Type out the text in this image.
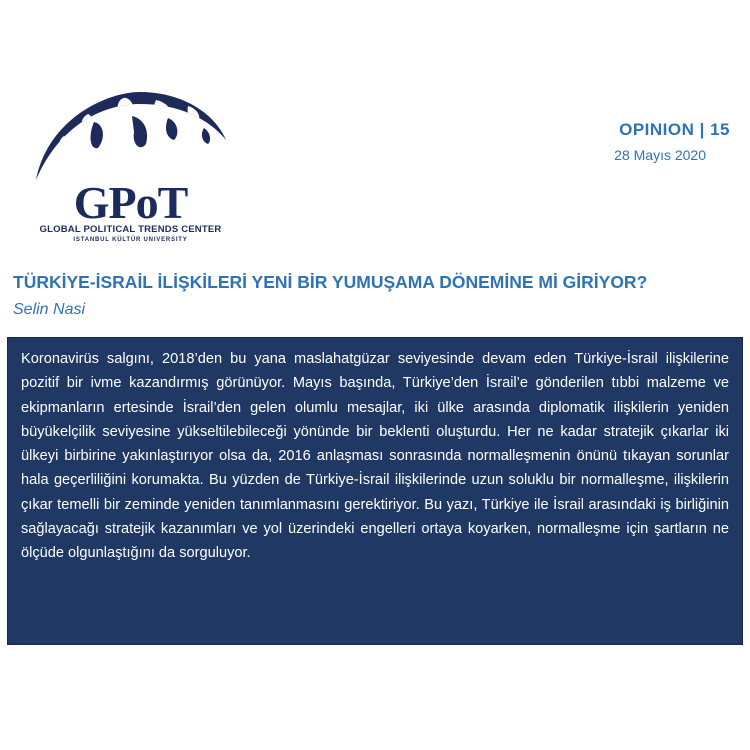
GPoT
GLOBAL POLITICAL TRENDS CENTER
ISTANBUL KÜLTÜR UNIVERSITY
OPINION | 15
28 Mayıs 2020
TÜRKİYE-İSRAİL İLİŞKİLERİ YENİ BİR YUMUŞAMA DÖNEMİNE Mİ GİRİYOR?
Selin Nasi

Koronavirüs salgını, 2018’den bu yana maslahatgüzar seviyesinde devam eden Türkiye-İsrail ilişkilerine pozitif bir ivme kazandırmış görünüyor. Mayıs başında, Türkiye’den İsrail’e gönderilen tıbbi malzeme ve ekipmanların ertesinde İsrail’den gelen olumlu mesajlar, iki ülke arasında diplomatik ilişkilerin yeniden büyükelçilik seviyesine yükseltilebileceği yönünde bir beklenti oluşturdu. Her ne kadar stratejik çıkarlar iki ülkeyi birbirine yakınlaştırıyor olsa da, 2016 anlaşması sonrasında normalleşmenin önünü tıkayan sorunlar hala geçerliliğini korumakta. Bu yüzden de Türkiye-İsrail ilişkilerinde uzun soluklu bir normalleşme, ilişkilerin çıkar temelli bir zeminde yeniden tanımlanmasını gerektiriyor. Bu yazı, Türkiye ile İsrail arasındaki iş birliğinin sağlayacağı stratejik kazanımları ve yol üzerindeki engelleri ortaya koyarken, normalleşme için şartların ne ölçüde olgunlaştığını da sorguluyor.
